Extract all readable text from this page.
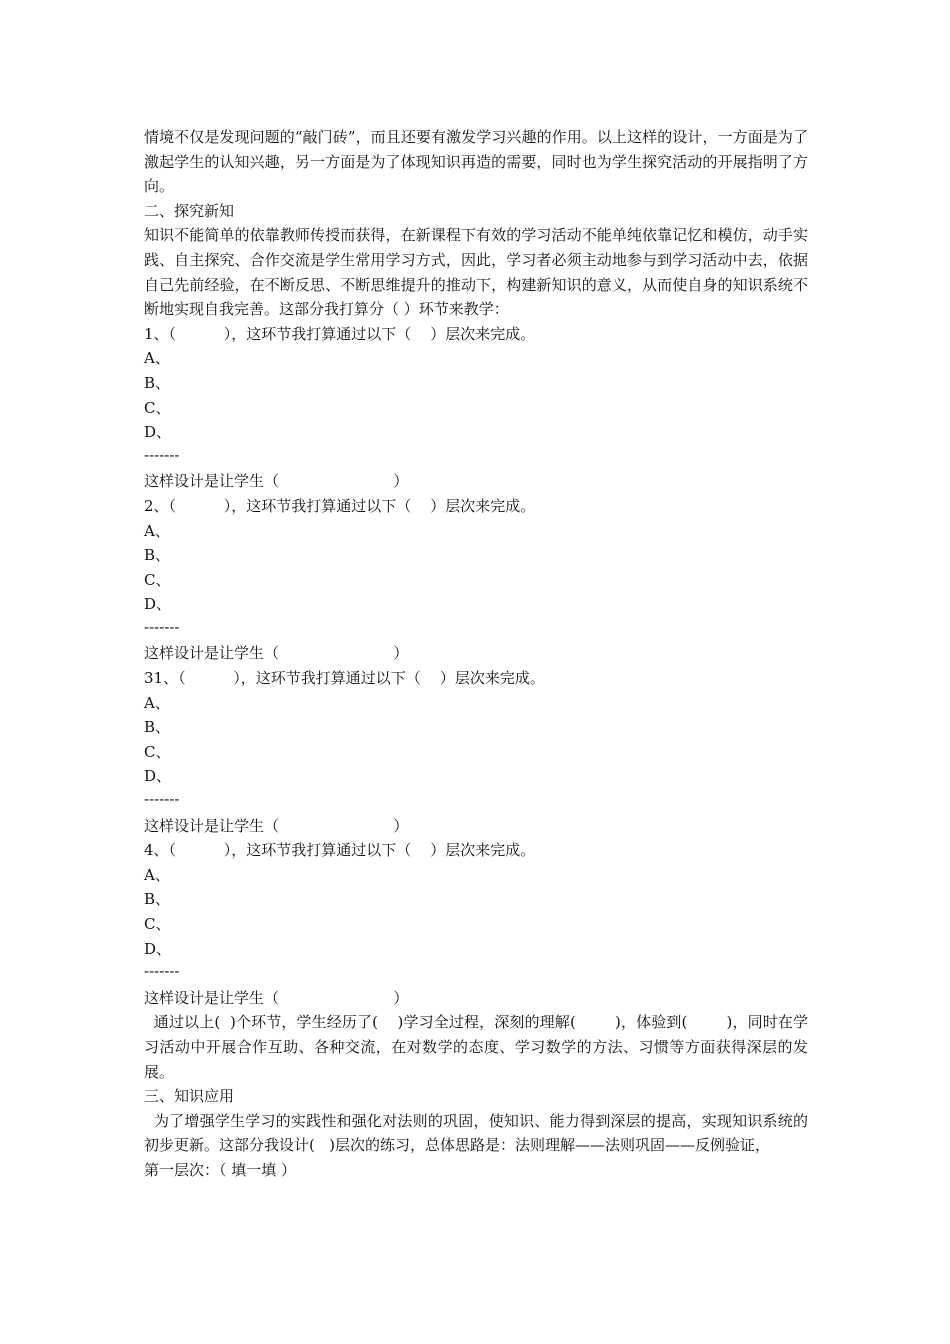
情境不仅是发现问题的“敲门砖”，而且还要有激发学习兴趣的作用。以上这样的设计，一方面是为了激起学生的认知兴趣，另一方面是为了体现知识再造的需要，同时也为学生探究活动的开展指明了方向。

二、探究新知

知识不能简单的依靠教师传授而获得，在新课程下有效的学习活动不能单纯依靠记忆和模仿，动手实践、自主探究、合作交流是学生常用学习方式，因此，学习者必须主动地参与到学习活动中去，依据自己先前经验，在不断反思、不断思维提升的推动下，构建新知识的意义，从而使自身的知识系统不断地实现自我完善。这部分我打算分（ ）环节来教学：

1、（          ），这环节我打算通过以下（    ）层次来完成。

A、

B、

C、

D、

-------

这样设计是让学生（                        ）

2、（          ），这环节我打算通过以下（    ）层次来完成。

A、

B、

C、

D、

-------

这样设计是让学生（                        ）

31、（          ），这环节我打算通过以下（    ）层次来完成。

A、

B、

C、

D、

-------

这样设计是让学生（                        ）

4、（          ），这环节我打算通过以下（    ）层次来完成。

A、

B、

C、

D、

-------

这样设计是让学生（                        ）

通过以上(  )个环节，学生经历了(    )学习全过程，深刻的理解(        )，体验到(        )，同时在学习活动中开展合作互助、各种交流，在对数学的态度、学习数学的方法、习惯等方面获得深层的发展。

三、知识应用

为了增强学生学习的实践性和强化对法则的巩固，使知识、能力得到深层的提高，实现知识系统的初步更新。这部分我设计(   )层次的练习，总体思路是：法则理解——法则巩固——反例验证，

第一层次：（ 填一填 ）
